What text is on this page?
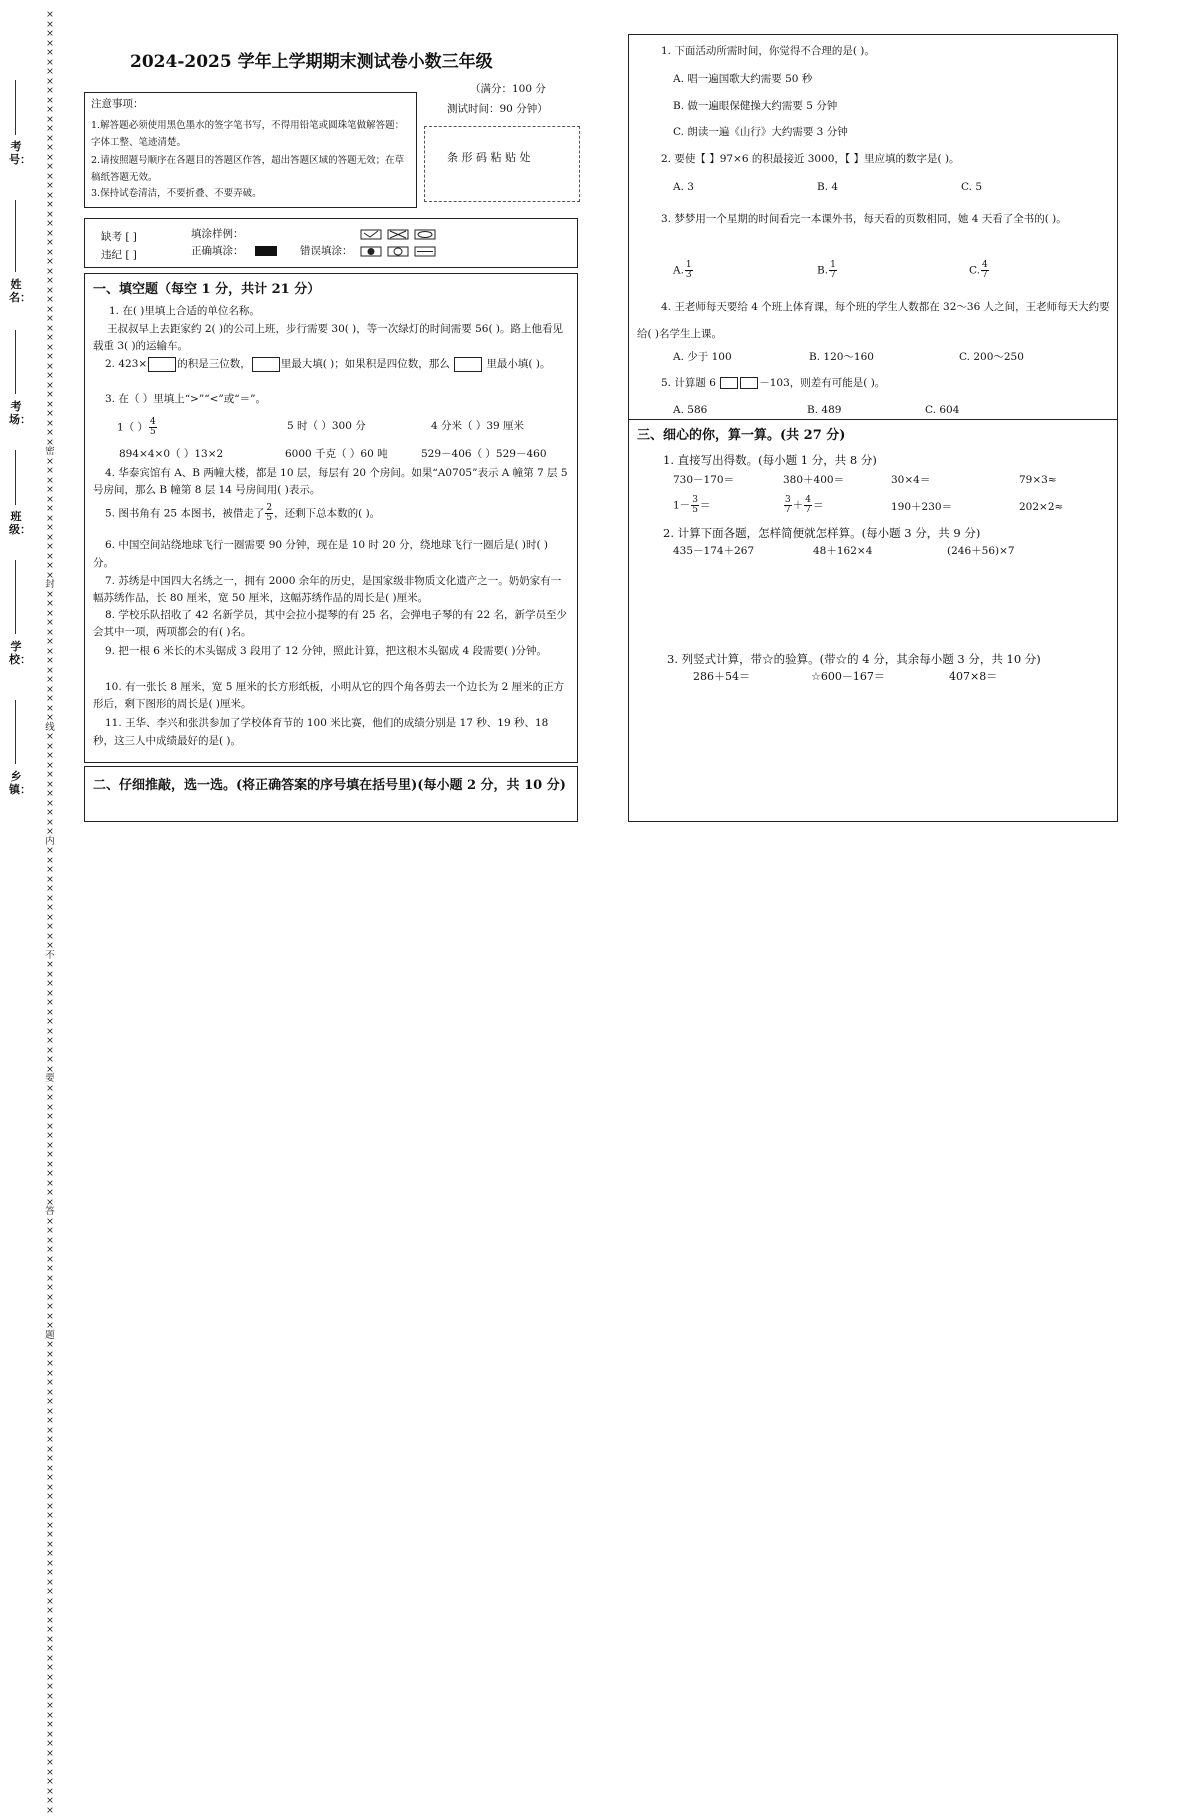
××××××××××××××××××××××××××××××××××××××××××××××密×××××××××××××封××××××××××××××线×××××××××××内×××××××××××不××××××××××××要×××××××××××××答××××××××××××题××××××××××××××××××××××××××××××××××××××××××××××××××
考号：
姓名：
考场：
班级：
学校：
乡镇：
2024-2025 学年上学期期末测试卷小数三年级
注意事项：
1.解答题必须使用黑色墨水的签字笔书写，不得用铅笔或圆珠笔做解答题：字体工整、笔迹清楚。
2.请按照题号顺序在各题目的答题区作答，超出答题区域的答题无效；在草稿纸答题无效。
3.保持试卷清洁，不要折叠、不要弄破。
（满分：100 分
测试时间：90 分钟）
条 形 码 粘 贴 处
缺考 [ ]
违纪 [ ]
填涂样例：
正确填涂：	错误填涂：
一、填空题（每空 1 分，共计 21 分）
1. 在( )里填上合适的单位名称。
王叔叔早上去距家约 2( )的公司上班，步行需要 30( )，等一次绿灯的时间需要 56( )。路上他看见载重 3( )的运输车。
2. 423×	的积是三位数，	里最大填( )；如果积是四位数，那么	里最小填( )。
3. 在（ ）里填上“>”“<”或“＝”。
1（ ） $\frac{4}{5}$	5 时（ ）300 分	4 分米（ ）39 厘米
894×4×0（ ）13×2	6000 千克（ ）60 吨	529－406（ ）529－460
4. 华泰宾馆有 A、B 两幢大楼，都是 10 层，每层有 20 个房间。如果“A0705”表示 A 幢第 7 层 5 号房间，那么 B 幢第 8 层 14 号房间用( )表示。
5. 图书角有 25 本图书，被借走了 $\frac{2}{5}$ ，还剩下总本数的( )。
6. 中国空间站绕地球飞行一圈需要 90 分钟，现在是 10 时 20 分，绕地球飞行一圈后是( )时( )分。
7. 苏绣是中国四大名绣之一，拥有 2000 余年的历史，是国家级非物质文化遗产之一。奶奶家有一幅苏绣作品，长 80 厘米，宽 50 厘米，这幅苏绣作品的周长是( )厘米。
8. 学校乐队招收了 42 名新学员，其中会拉小提琴的有 25 名，会弹电子琴的有 22 名，新学员至少会其中一项，两项都会的有( )名。
9. 把一根 6 米长的木头锯成 3 段用了 12 分钟，照此计算，把这根木头锯成 4 段需要( )分钟。
10. 有一张长 8 厘米，宽 5 厘米的长方形纸板，小明从它的四个角各剪去一个边长为 2 厘米的正方形后，剩下图形的周长是( )厘米。
11. 王华、李兴和张洪参加了学校体育节的 100 米比赛，他们的成绩分别是 17 秒、19 秒、18 秒，这三人中成绩最好的是( )。
二、仔细推敲，选一选。(将正确答案的序号填在括号里)(每小题 2 分，共 10 分)
1. 下面活动所需时间，你觉得不合理的是( )。
A. 唱一遍国歌大约需要 50 秒
B. 做一遍眼保健操大约需要 5 分钟
C. 朗读一遍《山行》大约需要 3 分钟
2. 要使【 】97×6 的积最接近 3000，【 】里应填的数字是( )。
A. 3	B. 4	C. 5
3. 梦梦用一个星期的时间看完一本课外书，每天看的页数相同，她 4 天看了全书的( )。
A. $\frac{1}{3}$	B. $\frac{1}{7}$	C. $\frac{4}{7}$
4. 王老师每天要给 4 个班上体育课，每个班的学生人数都在 32～36 人之间，王老师每天大约要给( )名学生上课。
A. 少于 100	B. 120～160	C. 200～250
5. 计算题 6	－103，则差有可能是( )。
A. 586	B. 489	C. 604
三、细心的你，算一算。(共 27 分)
1. 直接写出得数。(每小题 1 分，共 8 分)
730－170＝	380＋400＝	30×4＝	79×3≈
$1- \frac{3}{5}$ ＝	$\frac{3}{7} + \frac{4}{7}$ ＝	190＋230＝	202×2≈
2. 计算下面各题，怎样简便就怎样算。(每小题 3 分，共 9 分)
435－174＋267	48＋162×4	(246＋56)×7
3. 列竖式计算，带☆的验算。(带☆的 4 分，其余每小题 3 分，共 10 分)
286＋54＝	☆600－167＝	407×8＝
